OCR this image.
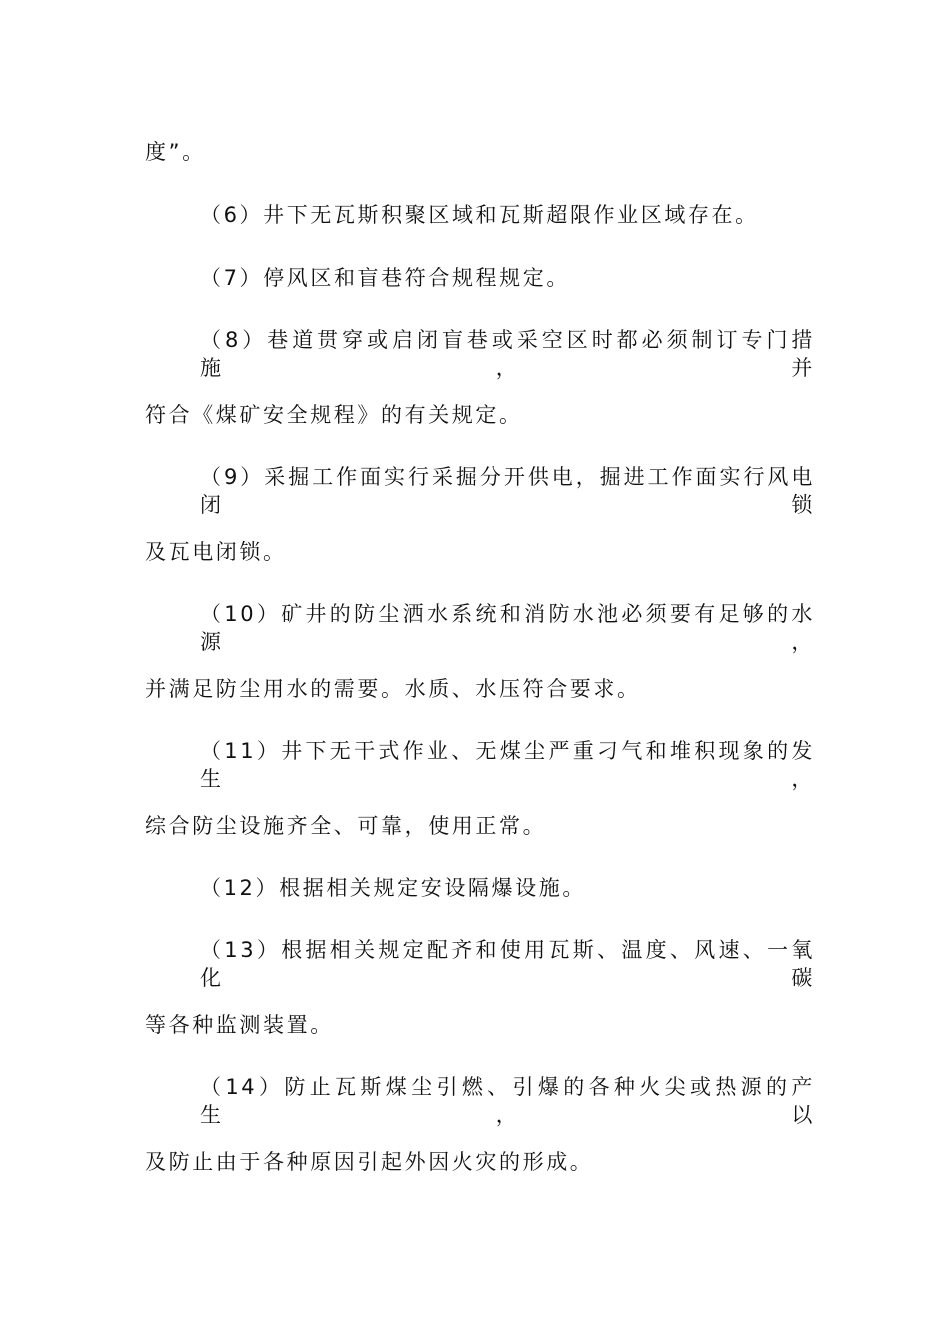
度”。
（6）井下无瓦斯积聚区域和瓦斯超限作业区域存在。
（7）停风区和盲巷符合规程规定。
（8）巷道贯穿或启闭盲巷或采空区时都必须制订专门措施，并
符合《煤矿安全规程》的有关规定。
（9）采掘工作面实行采掘分开供电，掘进工作面实行风电闭锁
及瓦电闭锁。
（10）矿井的防尘洒水系统和消防水池必须要有足够的水源，
并满足防尘用水的需要。水质、水压符合要求。
（11）井下无干式作业、无煤尘严重刁气和堆积现象的发生，
综合防尘设施齐全、可靠，使用正常。
（12）根据相关规定安设隔爆设施。
（13）根据相关规定配齐和使用瓦斯、温度、风速、一氧化碳
等各种监测装置。
（14）防止瓦斯煤尘引燃、引爆的各种火尖或热源的产生，以
及防止由于各种原因引起外因火灾的形成。
